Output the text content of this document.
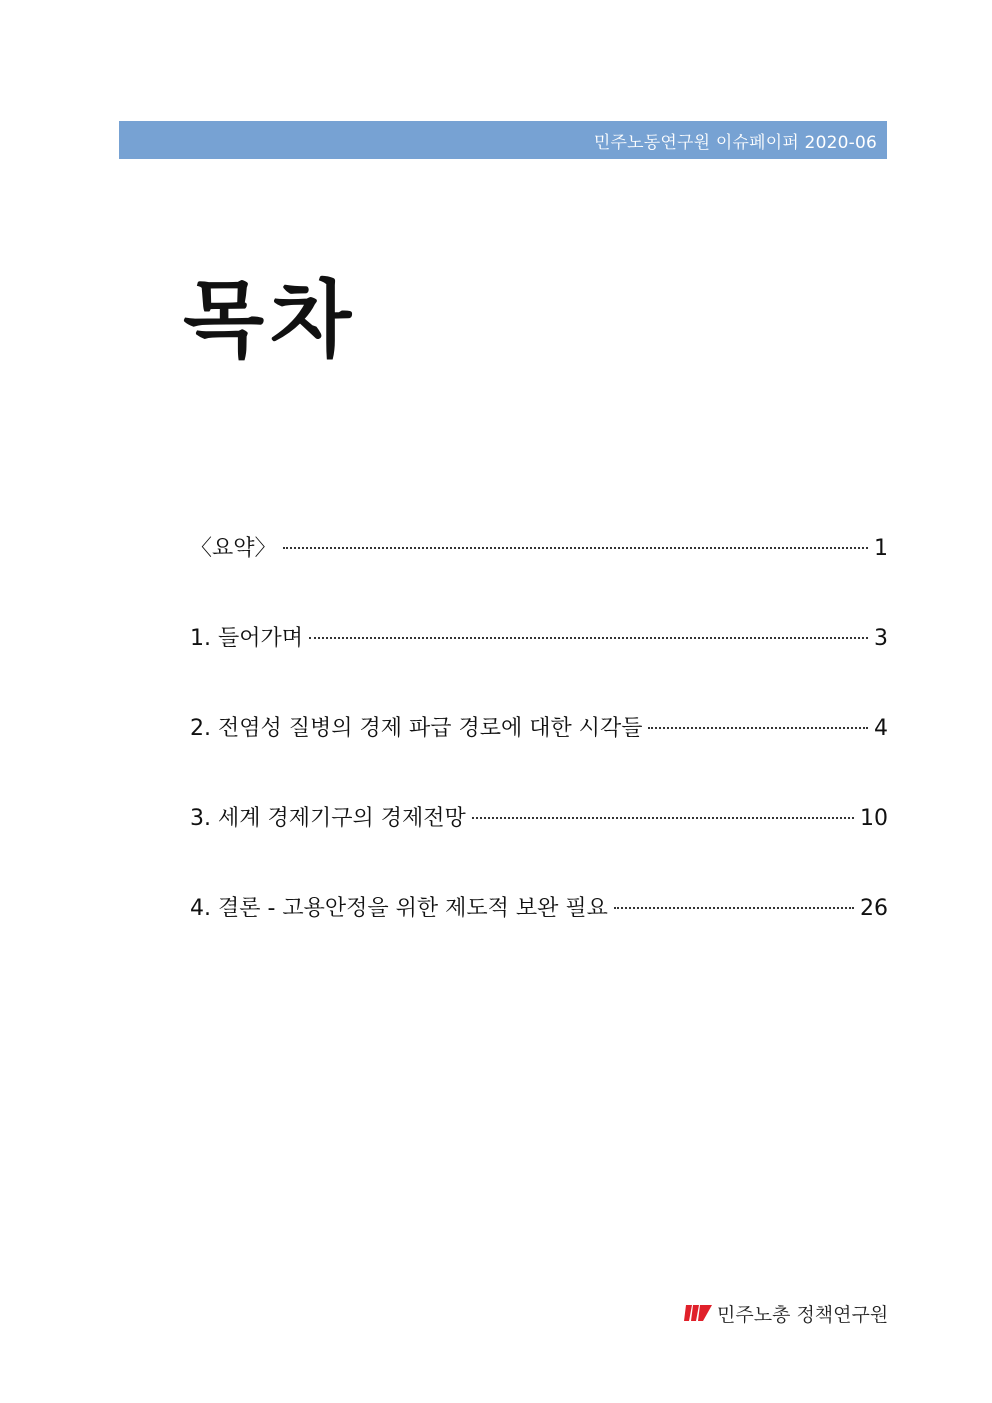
민주노동연구원 이슈페이퍼 2020-06
목차
〈요약〉	1
1. 들어가며	3
2. 전염성 질병의 경제 파급 경로에 대한 시각들	4
3. 세계 경제기구의 경제전망	10
4. 결론 - 고용안정을 위한 제도적 보완 필요	26
민주노총 정책연구원
